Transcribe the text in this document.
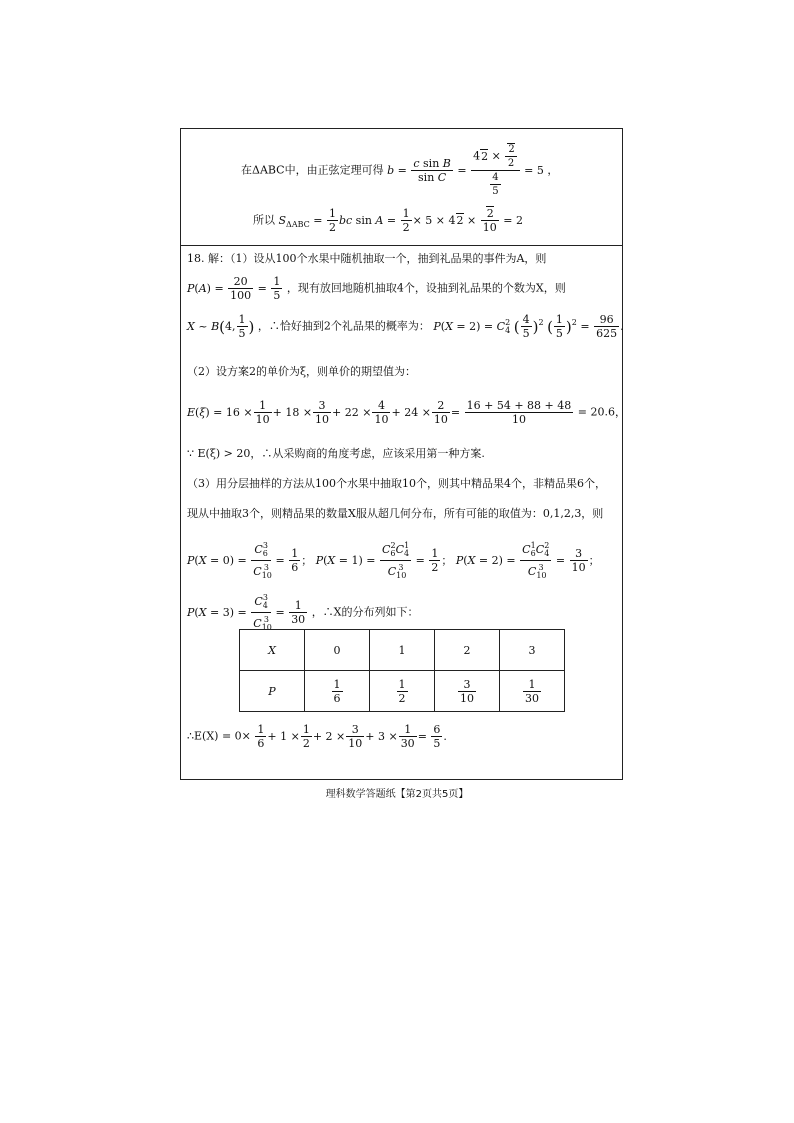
在ΔABC中，由正弦定理可得 $b = \frac{\text{c sin B}}{\text{sin C}} = \frac{42 \times \frac{2}{2}}{\frac{4}{5}} = 5$ ，
所以 $S_{\Delta ABC} = \frac{1}{2}$ bc $\sin A = \frac{1}{2} \times 5 \times 42 \times \frac{2}{10} = 2$
18. 解：（1）设从100个水果中随机抽取一个，抽到礼品果的事件为A，则
$P(A) = \frac{20}{100} = \frac{1}{5}$ ，现有放回地随机抽取4个，设抽到礼品果的个数为X，则
X ~ B(4, $\frac{1}{5}$ ) ，∴恰好抽到2个礼品果的概率为： $P(X = 2) = C_4^2$ ( $\frac{4}{5} )^2$ ( $\frac{1}{5} )^2 = \frac{96}{625}$ .
（2）设方案2的单价为ξ，则单价的期望值为：
$E(\xi) = 16 \times \frac{1}{10} + 18 \times \frac{3}{10} + 22 \times \frac{4}{10} + 24 \times \frac{2}{10} = \frac{16 + 54 + 88 + 48}{10} = 20.6$，
∵ E(ξ) > 20，∴从采购商的角度考虑，应该采用第一种方案.
（3）用分层抽样的方法从100个水果中抽取10个，则其中精品果4个，非精品果6个，
现从中抽取3个，则精品果的数量X服从超几何分布，所有可能的取值为：0,1,2,3，则
$P(X = 0) = \frac{C_6^3}{C_{10}^3} = \frac{1}{6}$ ； $P(X = 1) = \frac{C_6^2C_4^1}{C_{10}^3} = \frac{1}{2}$ ； $P(X = 2) = \frac{C_6^1C_4^2}{C_{10}^3} = \frac{3}{10}$ ；
$P(X = 3) = \frac{C_4^3}{C_{10}^3} = \frac{1}{30}$ ，∴X的分布列如下：
X	0	1	2	3
P	$\frac{1}{6}$	$\frac{1}{2}$	$\frac{3}{10}$	$\frac{1}{30}$
∴E(X) = $0\times \frac{1}{6} + 1 \times \frac{1}{2} + 2 \times \frac{3}{10} + 3 \times \frac{1}{30} = \frac{6}{5}$ .
理科数学答题纸【第2页共5页】
